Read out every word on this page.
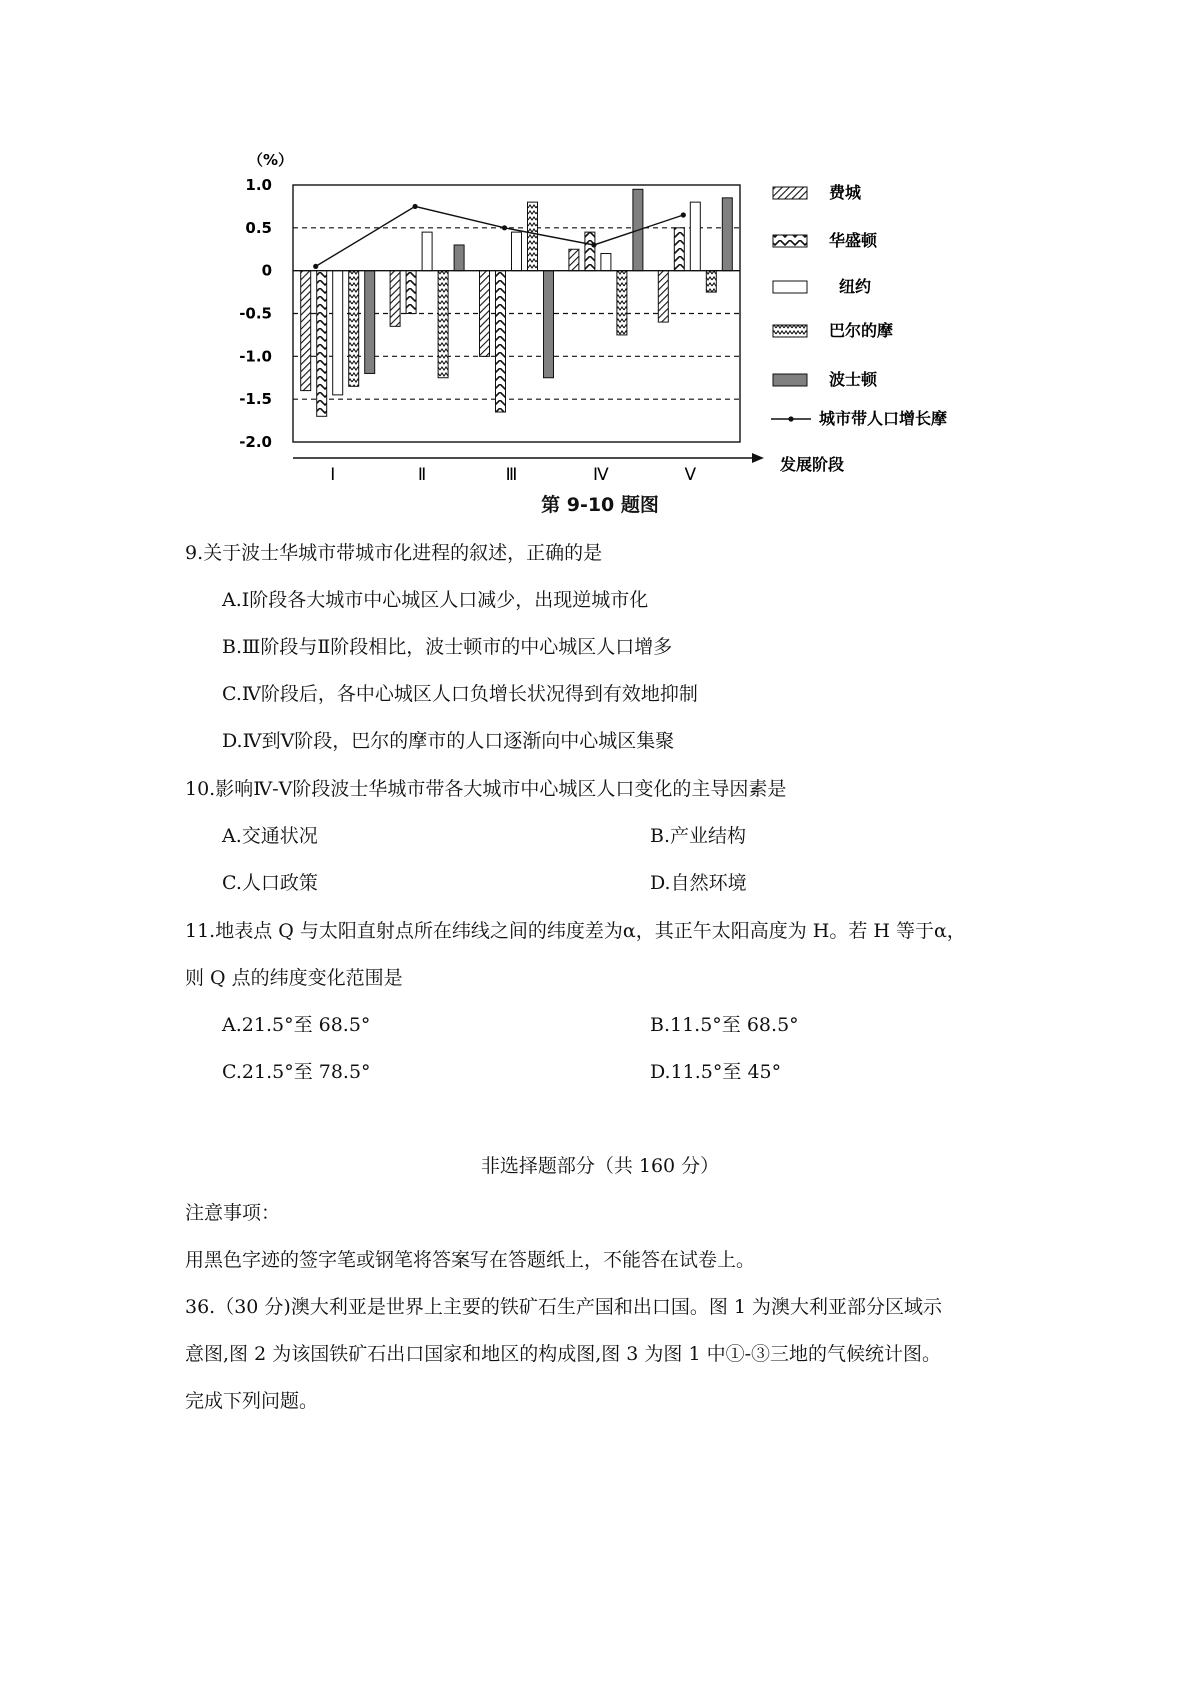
（%）
1.0
0.5
0
-0.5
-1.0
-1.5
-2.0
Ⅰ	Ⅱ	Ⅲ	Ⅳ	Ⅴ
发展阶段
费城
华盛顿
纽约
巴尔的摩
波士顿
城市带人口增长摩
第 9-10 题图
9.关于波士华城市带城市化进程的叙述，正确的是
A.Ⅰ阶段各大城市中心城区人口减少，出现逆城市化
B.Ⅲ阶段与Ⅱ阶段相比，波士顿市的中心城区人口增多
C.Ⅳ阶段后，各中心城区人口负增长状况得到有效地抑制
D.Ⅳ到Ⅴ阶段，巴尔的摩市的人口逐渐向中心城区集聚
10.影响Ⅳ-Ⅴ阶段波士华城市带各大城市中心城区人口变化的主导因素是
A.交通状况	B.产业结构
C.人口政策	D.自然环境
11.地表点 Q 与太阳直射点所在纬线之间的纬度差为α，其正午太阳高度为 H。若 H 等于α，
则 Q 点的纬度变化范围是
A.21.5°至 68.5°	B.11.5°至 68.5°
C.21.5°至 78.5°	D.11.5°至 45°
非选择题部分（共 160 分）
注意事项：
用黑色字迹的签字笔或钢笔将答案写在答题纸上，不能答在试卷上。
36.（30 分)澳大利亚是世界上主要的铁矿石生产国和出口国。图 1 为澳大利亚部分区域示
意图,图 2 为该国铁矿石出口国家和地区的构成图,图 3 为图 1 中①-③三地的气候统计图。
完成下列问题。
